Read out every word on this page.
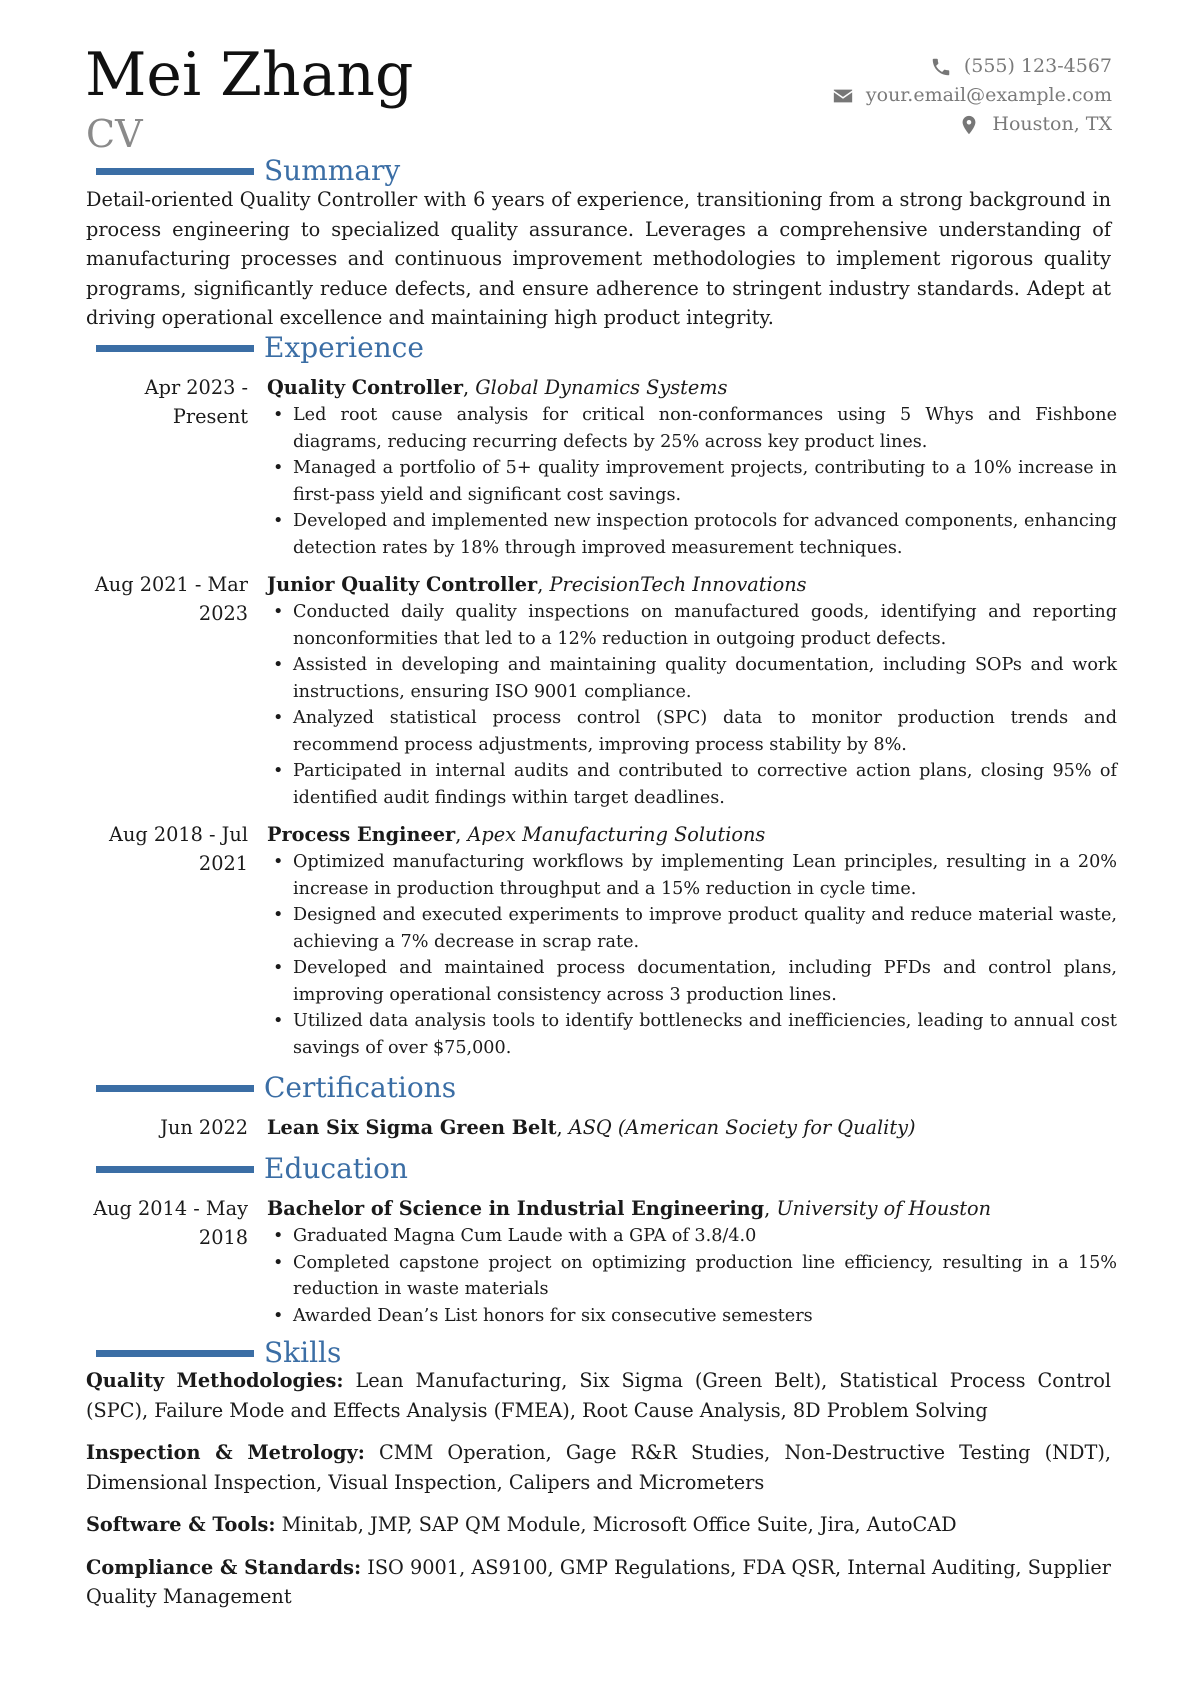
Mei Zhang
CV
(555) 123-4567
your.email@example.com
Houston, TX
Summary
Detail-oriented Quality Controller with 6 years of experience, transitioning from a strong background in process engineering to specialized quality assurance. Leverages a comprehensive understanding of manufacturing processes and continuous improvement methodologies to implement rigorous quality programs, significantly reduce defects, and ensure adherence to stringent industry standards. Adept at driving operational excellence and maintaining high product integrity.
Experience
Apr 2023 - Present
Quality Controller, Global Dynamics Systems
• Led root cause analysis for critical non-conformances using 5 Whys and Fishbone diagrams, reducing recurring defects by 25% across key product lines.
• Managed a portfolio of 5+ quality improvement projects, contributing to a 10% increase in first-pass yield and significant cost savings.
• Developed and implemented new inspection protocols for advanced components, enhancing detection rates by 18% through improved measurement techniques.
Aug 2021 - Mar 2023
Junior Quality Controller, PrecisionTech Innovations
• Conducted daily quality inspections on manufactured goods, identifying and reporting nonconformities that led to a 12% reduction in outgoing product defects.
• Assisted in developing and maintaining quality documentation, including SOPs and work instructions, ensuring ISO 9001 compliance.
• Analyzed statistical process control (SPC) data to monitor production trends and recommend process adjustments, improving process stability by 8%.
• Participated in internal audits and contributed to corrective action plans, closing 95% of identified audit findings within target deadlines.
Aug 2018 - Jul 2021
Process Engineer, Apex Manufacturing Solutions
• Optimized manufacturing workflows by implementing Lean principles, resulting in a 20% increase in production throughput and a 15% reduction in cycle time.
• Designed and executed experiments to improve product quality and reduce material waste, achieving a 7% decrease in scrap rate.
• Developed and maintained process documentation, including PFDs and control plans, improving operational consistency across 3 production lines.
• Utilized data analysis tools to identify bottlenecks and inefficiencies, leading to annual cost savings of over $75,000.
Certifications
Jun 2022 Lean Six Sigma Green Belt, ASQ (American Society for Quality)
Education
Aug 2014 - May 2018
Bachelor of Science in Industrial Engineering, University of Houston
• Graduated Magna Cum Laude with a GPA of 3.8/4.0
• Completed capstone project on optimizing production line efficiency, resulting in a 15% reduction in waste materials
• Awarded Dean’s List honors for six consecutive semesters
Skills
Quality Methodologies: Lean Manufacturing, Six Sigma (Green Belt), Statistical Process Control (SPC), Failure Mode and Effects Analysis (FMEA), Root Cause Analysis, 8D Problem Solving
Inspection & Metrology: CMM Operation, Gage R&R Studies, Non-Destructive Testing (NDT), Dimensional Inspection, Visual Inspection, Calipers and Micrometers
Software & Tools: Minitab, JMP, SAP QM Module, Microsoft Office Suite, Jira, AutoCAD
Compliance & Standards: ISO 9001, AS9100, GMP Regulations, FDA QSR, Internal Auditing, Supplier Quality Management
